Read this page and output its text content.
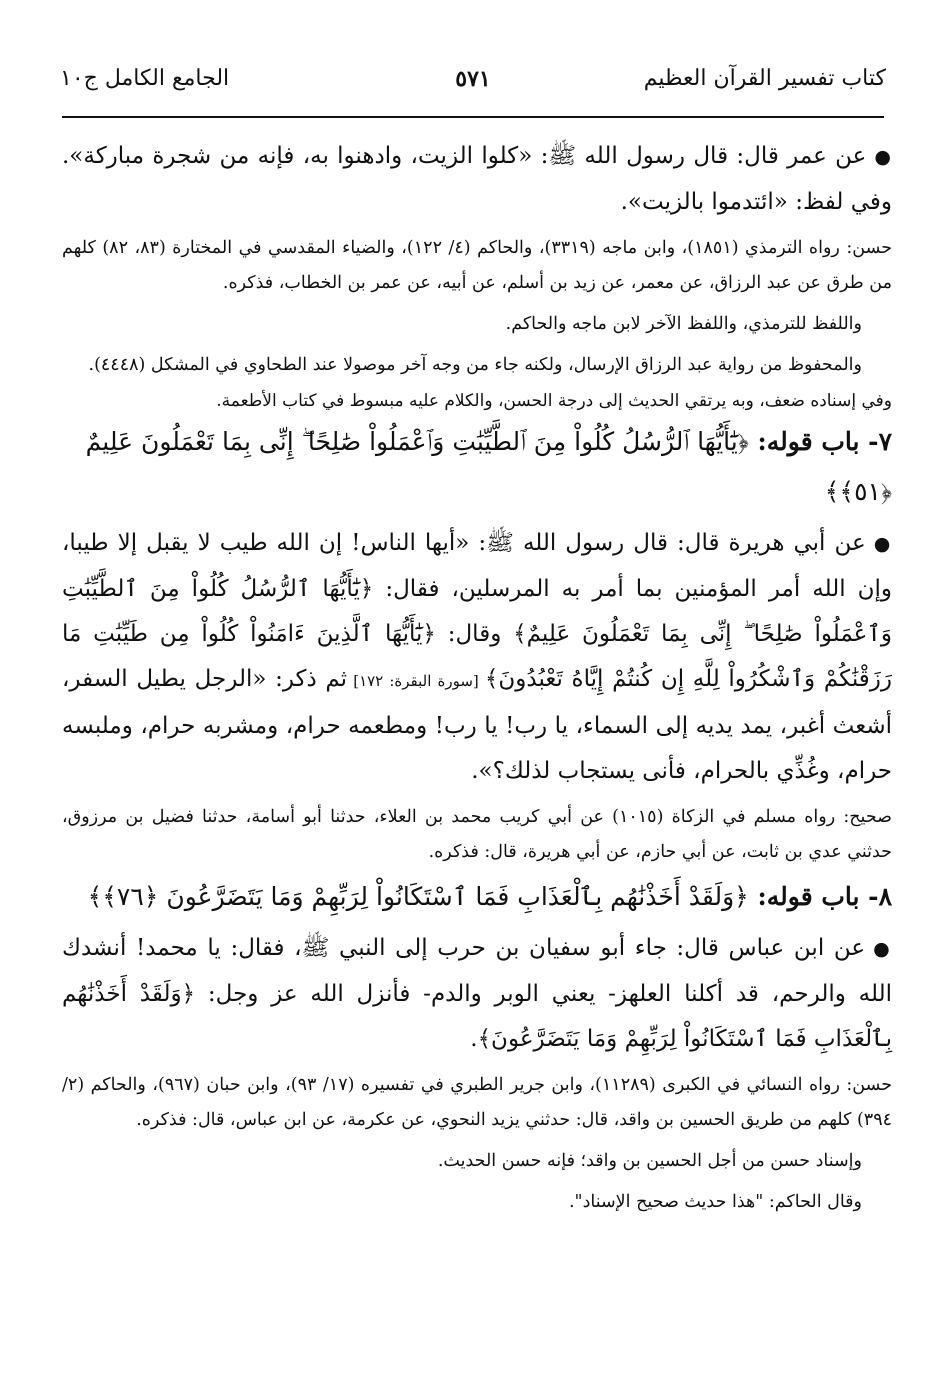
كتاب تفسير القرآن العظيم
٥٧١
الجامع الكامل ج١٠

●عن عمر قال: قال رسول الله ﷺ: «كلوا الزيت، وادهنوا به، فإنه من شجرة مباركة». وفي لفظ: «ائتدموا بالزيت».

حسن: رواه الترمذي (١٨٥١)، وابن ماجه (٣٣١٩)، والحاكم (٤/ ١٢٢)، والضياء المقدسي في المختارة (٨٣، ٨٢) كلهم من طرق عن عبد الرزاق، عن معمر، عن زيد بن أسلم، عن أبيه، عن عمر بن الخطاب، فذكره.

واللفظ للترمذي، واللفظ الآخر لابن ماجه والحاكم.

والمحفوظ من رواية عبد الرزاق الإرسال، ولكنه جاء من وجه آخر موصولا عند الطحاوي في المشكل (٤٤٤٨).

وفي إسناده ضعف، وبه يرتقي الحديث إلى درجة الحسن، والكلام عليه مبسوط في كتاب الأطعمة.

٧- باب قوله: ﴿يَٰٓأَيُّهَا ٱلرُّسُلُ كُلُواْ مِنَ ٱلطَّيِّبَٰتِ وَٱعْمَلُواْ صَٰلِحًا ۖ إِنِّى بِمَا تَعْمَلُونَ عَلِيمٌ ﴿٥١﴾﴾

●عن أبي هريرة قال: قال رسول الله ﷺ: «أيها الناس! إن الله طيب لا يقبل إلا طيبا، وإن الله أمر المؤمنين بما أمر به المرسلين، فقال: ﴿يَٰٓأَيُّهَا ٱلرُّسُلُ كُلُواْ مِنَ ٱلطَّيِّبَٰتِ وَٱعْمَلُواْ صَٰلِحًا ۖ إِنِّى بِمَا تَعْمَلُونَ عَلِيمٌ﴾ وقال: ﴿يَٰٓأَيُّهَا ٱلَّذِينَ ءَامَنُواْ كُلُواْ مِن طَيِّبَٰتِ مَا رَزَقْنَٰكُمْ وَٱشْكُرُواْ لِلَّهِ إِن كُنتُمْ إِيَّاهُ تَعْبُدُونَ﴾ [سورة البقرة: ١٧٢] ثم ذكر: «الرجل يطيل السفر، أشعث أغبر، يمد يديه إلى السماء، يا رب! يا رب! ومطعمه حرام، ومشربه حرام، وملبسه حرام، وغُذِّي بالحرام، فأنى يستجاب لذلك؟».

صحيح: رواه مسلم في الزكاة (١٠١٥) عن أبي كريب محمد بن العلاء، حدثنا أبو أسامة، حدثنا فضيل بن مرزوق، حدثني عدي بن ثابت، عن أبي حازم، عن أبي هريرة، قال: فذكره.

٨- باب قوله: ﴿وَلَقَدْ أَخَذْنَٰهُم بِٱلْعَذَابِ فَمَا ٱسْتَكَانُواْ لِرَبِّهِمْ وَمَا يَتَضَرَّعُونَ ﴿٧٦﴾﴾

●عن ابن عباس قال: جاء أبو سفيان بن حرب إلى النبي ﷺ، فقال: يا محمد! أنشدك الله والرحم، قد أكلنا العلهز- يعني الوبر والدم- فأنزل الله عز وجل: ﴿وَلَقَدْ أَخَذْنَٰهُم بِٱلْعَذَابِ فَمَا ٱسْتَكَانُواْ لِرَبِّهِمْ وَمَا يَتَضَرَّعُونَ﴾.

حسن: رواه النسائي في الكبرى (١١٢٨٩)، وابن جرير الطبري في تفسيره (١٧/ ٩٣)، وابن حبان (٩٦٧)، والحاكم (٢/ ٣٩٤) كلهم من طريق الحسين بن واقد، قال: حدثني يزيد النحوي، عن عكرمة، عن ابن عباس، قال: فذكره.

وإسناد حسن من أجل الحسين بن واقد؛ فإنه حسن الحديث.

وقال الحاكم: "هذا حديث صحيح الإسناد".
